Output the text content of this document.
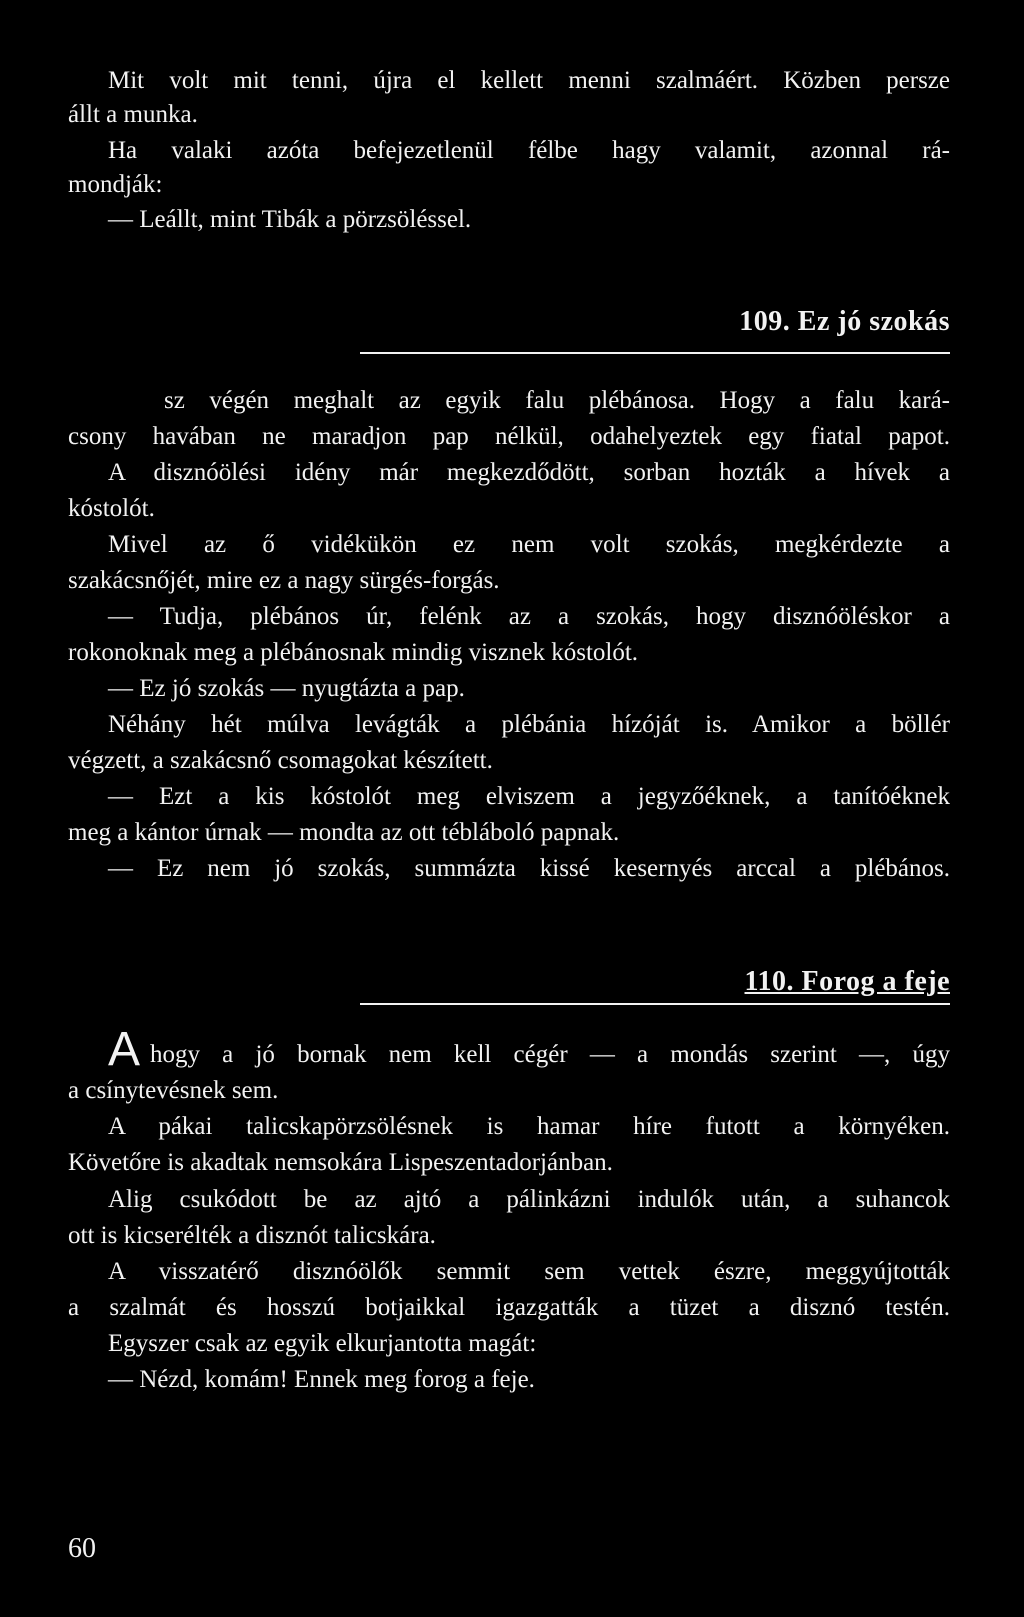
Mit volt mit tenni, újra el kellett menni szalmáért. Közben persze
állt a munka.
Ha valaki azóta befejezetlenül félbe hagy valamit, azonnal rá-
mondják:
— Leállt, mint Tibák a pörzsöléssel.
109. Ez jó szokás
sz végén meghalt az egyik falu plébánosa. Hogy a falu kará-
csony havában ne maradjon pap nélkül, odahelyeztek egy fiatal papot.
A disznóölési idény már megkezdődött, sorban hozták a hívek a
kóstolót.
Mivel az ő vidékükön ez nem volt szokás, megkérdezte a
szakácsnőjét, mire ez a nagy sürgés-forgás.
— Tudja, plébános úr, felénk az a szokás, hogy disznóöléskor a
rokonoknak meg a plébánosnak mindig visznek kóstolót.
— Ez jó szokás — nyugtázta a pap.
Néhány hét múlva levágták a plébánia hízóját is. Amikor a böllér
végzett, a szakácsnő csomagokat készített.
— Ezt a kis kóstolót meg elviszem a jegyzőéknek, a tanítóéknek
meg a kántor úrnak — mondta az ott tébláboló papnak.
— Ez nem jó szokás, summázta kissé kesernyés arccal a plébános.
110. Forog a feje
A hogy a jó bornak nem kell cégér — a mondás szerint —, úgy
a csínytevésnek sem.
A pákai talicskapörzsölésnek is hamar híre futott a környéken.
Követőre is akadtak nemsokára Lispeszentadorjánban.
Alig csukódott be az ajtó a pálinkázni indulók után, a suhancok
ott is kicserélték a disznót talicskára.
A visszatérő disznóölők semmit sem vettek észre, meggyújtották
a szalmát és hosszú botjaikkal igazgatták a tüzet a disznó testén.
Egyszer csak az egyik elkurjantotta magát:
— Nézd, komám! Ennek meg forog a feje.
60
